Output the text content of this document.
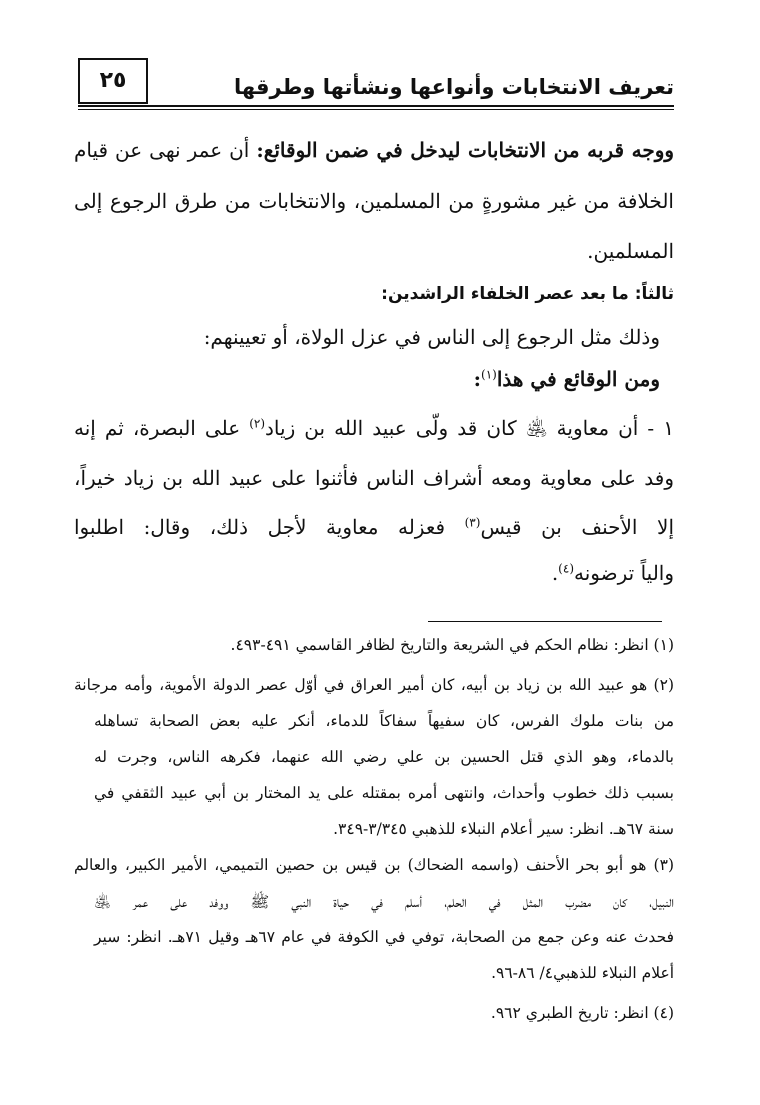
تعريف الانتخابات وأنواعها ونشأتها وطرقها
٢٥
ووجه قربه من الانتخابات ليدخل في ضمن الوقائع: أن عمر نهى عن قيام
الخلافة من غير مشورةٍ من المسلمين، والانتخابات من طرق الرجوع إلى
المسلمين.
ثالثاً: ما بعد عصر الخلفاء الراشدين:
وذلك مثل الرجوع إلى الناس في عزل الولاة، أو تعيينهم:
ومن الوقائع في هذا$^{(١)}$:
١ - أن معاوية ﵁ كان قد ولّى عبيد الله بن زياد$^{(٢)}$ على البصرة، ثم إنه
وفد على معاوية ومعه أشراف الناس فأثنوا على عبيد الله بن زياد خيراً،
إلا الأحنف بن قيس$^{(٣)}$ فعزله معاوية لأجل ذلك، وقال: اطلبوا
والياً ترضونه$^{(٤)}$.
(١) انظر: نظام الحكم في الشريعة والتاريخ لظافر القاسمي ٤٩١-٤٩٣.
(٢) هو عبيد الله بن زياد بن أبيه، كان أمير العراق في أوّل عصر الدولة الأموية، وأمه مرجانة
من بنات ملوك الفرس، كان سفيهاً سفاكاً للدماء، أنكر عليه بعض الصحابة تساهله
بالدماء، وهو الذي قتل الحسين بن علي رضي الله عنهما، فكرهه الناس، وجرت له
بسبب ذلك خطوب وأحداث، وانتهى أمره بمقتله على يد المختار بن أبي عبيد الثقفي في
سنة ٦٧هـ. انظر: سير أعلام النبلاء للذهبي ٣/٣٤٥-٣٤٩.
(٣) هو أبو بحر الأحنف (واسمه الضحاك) بن قيس بن حصين التميمي، الأمير الكبير، والعالم
النبيل، كان مضرب المثل في الحلم، أسلم في حياة النبي ﷺ ووفد على عمر ﵁
فحدث عنه وعن جمع من الصحابة، توفي في الكوفة في عام ٦٧هـ وقيل ٧١هـ. انظر: سير
أعلام النبلاء للذهبي٤/ ٨٦-٩٦.
(٤) انظر: تاريخ الطبري ٩٦٢.
